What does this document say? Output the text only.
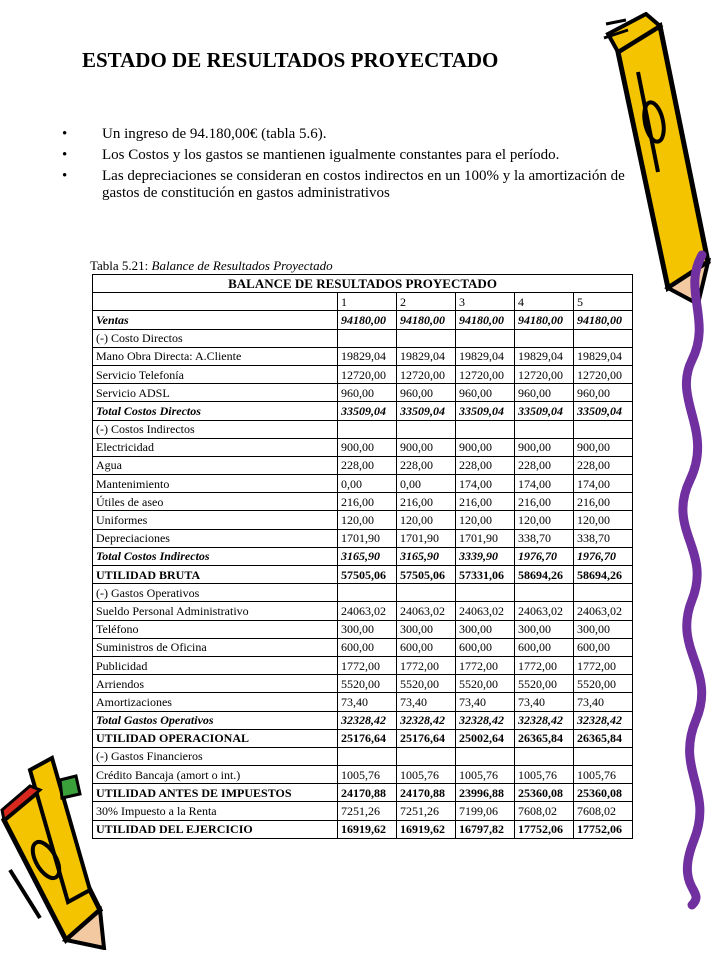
ESTADO DE RESULTADOS PROYECTADO
• Un ingreso de 94.180,00€ (tabla 5.6).
• Los Costos y los gastos se mantienen igualmente constantes para el período.
• Las depreciaciones se consideran en costos indirectos en un 100% y la amortización de gastos de constitución en gastos administrativos
Tabla 5.21: Balance de Resultados Proyectado
BALANCE DE RESULTADOS PROYECTADO					
	1	2	3	4	5
Ventas	94180,00	94180,00	94180,00	94180,00	94180,00
(-) Costo Directos					
Mano Obra Directa: A.Cliente	19829,04	19829,04	19829,04	19829,04	19829,04
Servicio Telefonía	12720,00	12720,00	12720,00	12720,00	12720,00
Servicio ADSL	960,00	960,00	960,00	960,00	960,00
Total Costos Directos	33509,04	33509,04	33509,04	33509,04	33509,04
(-) Costos Indirectos					
Electricidad	900,00	900,00	900,00	900,00	900,00
Agua	228,00	228,00	228,00	228,00	228,00
Mantenimiento	0,00	0,00	174,00	174,00	174,00
Útiles de aseo	216,00	216,00	216,00	216,00	216,00
Uniformes	120,00	120,00	120,00	120,00	120,00
Depreciaciones	1701,90	1701,90	1701,90	338,70	338,70
Total Costos Indirectos	3165,90	3165,90	3339,90	1976,70	1976,70
UTILIDAD BRUTA	57505,06	57505,06	57331,06	58694,26	58694,26
(-) Gastos Operativos					
Sueldo Personal Administrativo	24063,02	24063,02	24063,02	24063,02	24063,02
Teléfono	300,00	300,00	300,00	300,00	300,00
Suministros de Oficina	600,00	600,00	600,00	600,00	600,00
Publicidad	1772,00	1772,00	1772,00	1772,00	1772,00
Arriendos	5520,00	5520,00	5520,00	5520,00	5520,00
Amortizaciones	73,40	73,40	73,40	73,40	73,40
Total Gastos Operativos	32328,42	32328,42	32328,42	32328,42	32328,42
UTILIDAD OPERACIONAL	25176,64	25176,64	25002,64	26365,84	26365,84
(-) Gastos Financieros					
Crédito Bancaja (amort o int.)	1005,76	1005,76	1005,76	1005,76	1005,76
UTILIDAD ANTES DE IMPUESTOS	24170,88	24170,88	23996,88	25360,08	25360,08
30% Impuesto a la Renta	7251,26	7251,26	7199,06	7608,02	7608,02
UTILIDAD DEL EJERCICIO	16919,62	16919,62	16797,82	17752,06	17752,06
